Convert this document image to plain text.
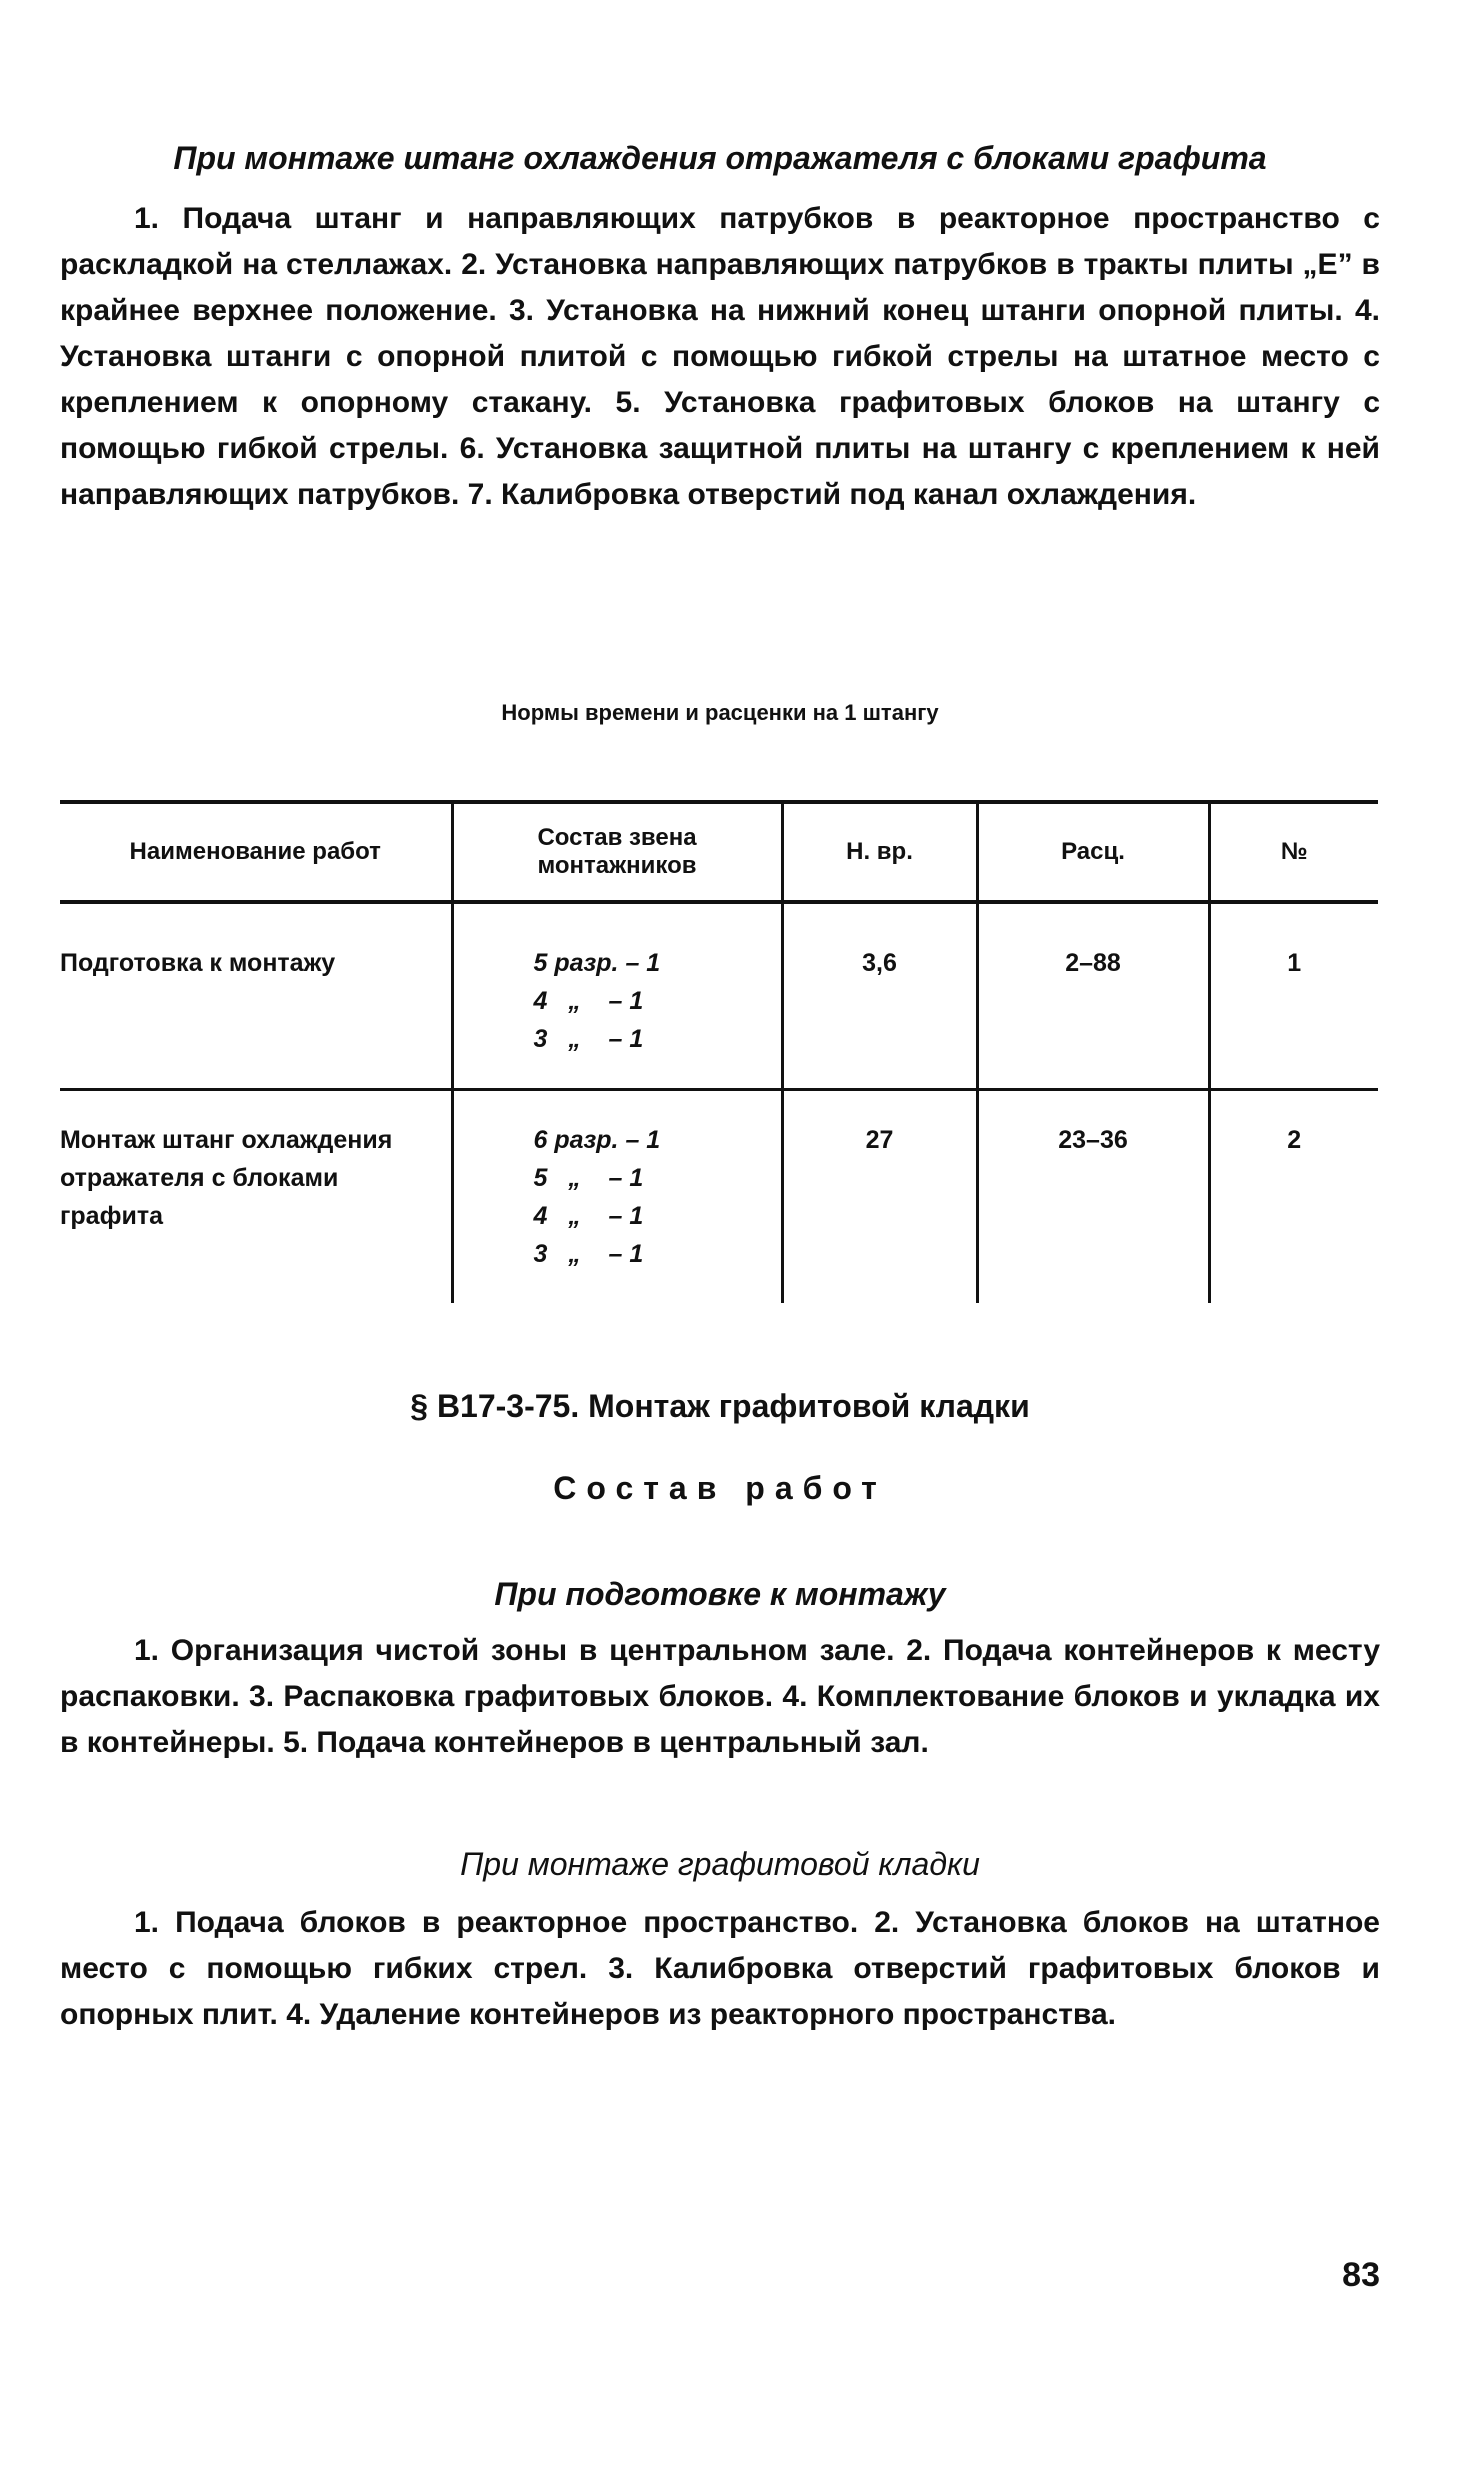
При монтаже штанг охлаждения отражателя с блоками графита
1. Подача штанг и направляющих патрубков в реакторное пространство с раскладкой на стеллажах. 2. Установка направляющих патрубков в тракты плиты „Е” в крайнее верхнее положение. 3. Установка на нижний конец штанги опорной плиты. 4. Установка штанги с опорной плитой с помощью гибкой стрелы на штатное место с креплением к опорному стакану. 5. Установка графитовых блоков на штангу с помощью гибкой стрелы. 6. Установка защитной плиты на штангу с креплением к ней направляющих патрубков. 7. Калибровка отверстий под канал охлаждения.
Нормы времени и расценки на 1 штангу
Наименование работ	Состав звена монтажников	Н. вр.	Расц.	№
Подготовка к монтажу	5 разр. – 1
4   „    – 1
3   „    – 1	3,6	2–88	1
Монтаж штанг охлаждения отражателя с блоками графита	6 разр. – 1
5   „    – 1
4   „    – 1
3   „    – 1	27	23–36	2
§ В17-3-75. Монтаж графитовой кладки
Состав работ
При подготовке к монтажу
1. Организация чистой зоны в центральном зале. 2. Подача контейнеров к месту распаковки. 3. Распаковка графитовых блоков. 4. Комплектование блоков и укладка их в контейнеры. 5. Подача контейнеров в центральный зал.
При монтаже графитовой кладки
1. Подача блоков в реакторное пространство. 2. Установка блоков на штатное место с помощью гибких стрел. 3. Калибровка отверстий графитовых блоков и опорных плит. 4. Удаление контейнеров из реакторного пространства.
83
